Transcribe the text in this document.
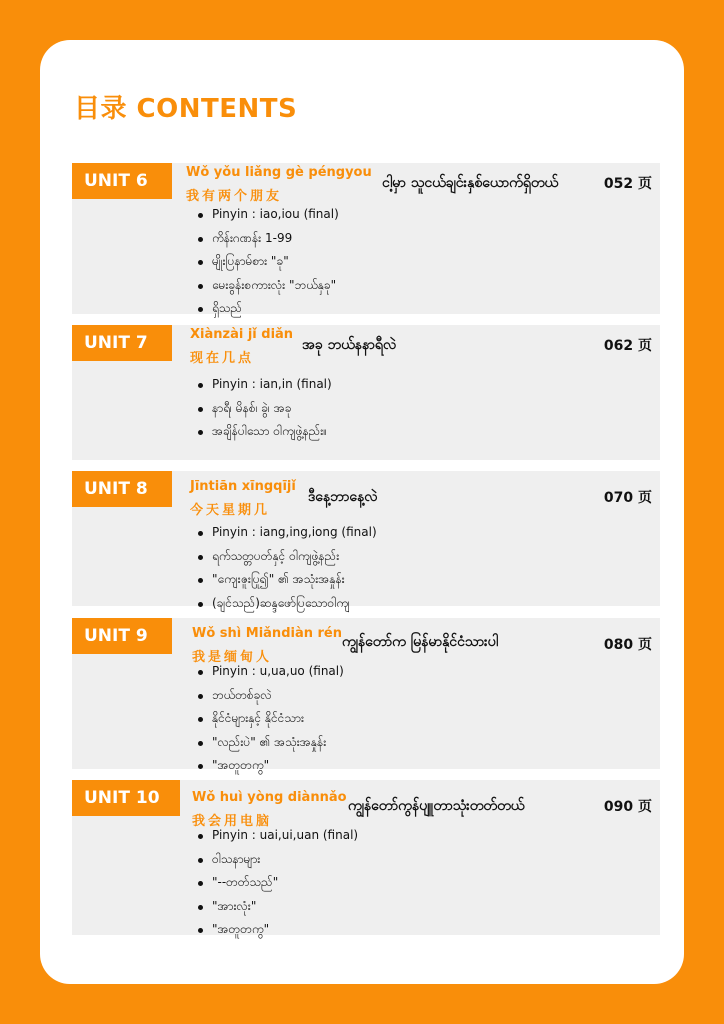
目录 CONTENTS
UNIT 6	Wǒ yǒu liǎng gè péngyou
我有两个朋友
ငါ့မှာ သူငယ်ချင်းနှစ်ယောက်ရှိတယ်	052 页
Pinyin : iao,iou (final)
ကိန်းဂဏန်း 1-99
မျိုးပြနာမ်စား "ခု"
မေးခွန်းစကားလုံး "ဘယ်နှခု"
ရှိသည်
UNIT 7	Xiànzài jǐ diǎn
现在几点
အခု ဘယ်နနာရီလဲ	062 页
Pinyin : ian,in (final)
နာရီ၊ မိနစ်၊ ခွဲ၊ အခု
အချိန်ပါသော ဝါကျဖွဲ့နည်း။
UNIT 8	Jīntiān xīngqījǐ
今天星期几
ဒီနေ့ဘာနေ့လဲ	070 页
Pinyin : iang,ing,iong (final)
ရက်သတ္တပတ်နှင့် ဝါကျဖွဲ့နည်း
"ကျေးဇူးပြု၍" ၏ အသုံးအနှုန်း
(ချင်သည်)ဆန္ဒဖော်ပြသောဝါကျ
UNIT 9	Wǒ shì Miǎndiàn rén
我是缅甸人
ကျွန်တော်က မြန်မာနိုင်ငံသားပါ	080 页
Pinyin : u,ua,uo (final)
ဘယ်တစ်ခုလဲ
နိုင်ငံများနှင့် နိုင်ငံသား
"လည်းပဲ" ၏ အသုံးအနှုန်း
"အတူတကွ"
UNIT 10	Wǒ huì yòng diànnǎo
我会用电脑
ကျွန်တော်ကွန်ပျူတာသုံးတတ်တယ်	090 页
Pinyin : uai,ui,uan (final)
ဝါသနာများ
"--တတ်သည်"
"အားလုံး"
"အတူတကွ"
